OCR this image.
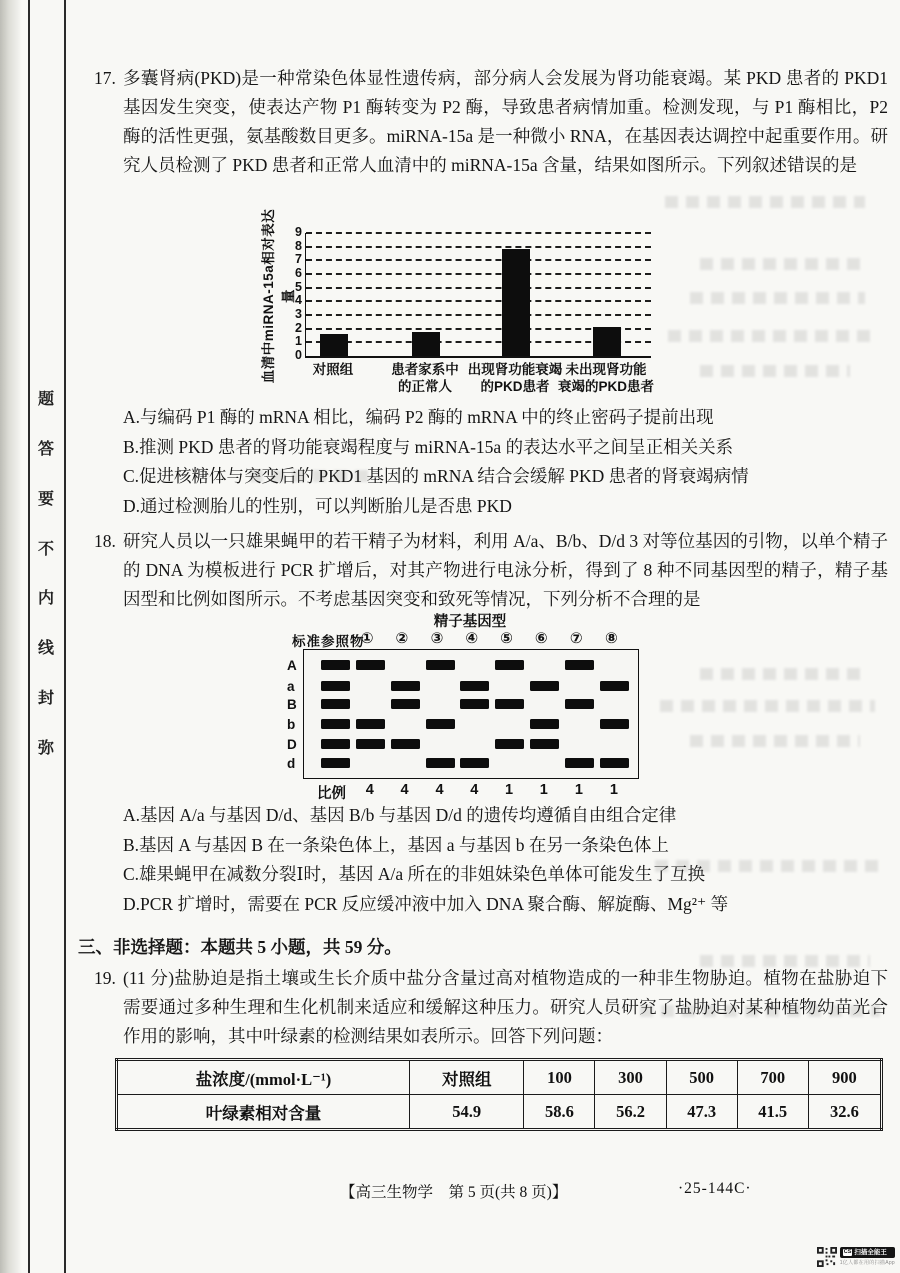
题
答
要
不
内
线
封
弥
17. 多囊肾病(PKD)是一种常染色体显性遗传病，部分病人会发展为肾功能衰竭。某 PKD 患者的 PKD1 基因发生突变，使表达产物 P1 酶转变为 P2 酶，导致患者病情加重。检测发现，与 P1 酶相比，P2 酶的活性更强，氨基酸数目更多。miRNA-15a 是一种微小 RNA，在基因表达调控中起重要作用。研究人员检测了 PKD 患者和正常人血清中的 miRNA-15a 含量，结果如图所示。下列叙述错误的是
血清中miRNA-15a相对表达量
0
1
2
3
4
5
6
7
8
9
对照组	患者家系中
的正常人
出现肾功能衰竭
的PKD患者
未出现肾功能
衰竭的PKD患者
A.与编码 P1 酶的 mRNA 相比，编码 P2 酶的 mRNA 中的终止密码子提前出现
B.推测 PKD 患者的肾功能衰竭程度与 miRNA-15a 的表达水平之间呈正相关关系
C.促进核糖体与突变后的 PKD1 基因的 mRNA 结合会缓解 PKD 患者的肾衰竭病情
D.通过检测胎儿的性别，可以判断胎儿是否患 PKD
18. 研究人员以一只雄果蝇甲的若干精子为材料，利用 A/a、B/b、D/d 3 对等位基因的引物，以单个精子的 DNA 为模板进行 PCR 扩增后，对其产物进行电泳分析，得到了 8 种不同基因型的精子，精子基因型和比例如图所示。不考虑基因突变和致死等情况，下列分析不合理的是
精子基因型
标准参照物
① ② ③ ④ ⑤ ⑥ ⑦ ⑧
A
a
B
b
D
d
比例	4	4	4	4	1	1	1	1
A.基因 A/a 与基因 D/d、基因 B/b 与基因 D/d 的遗传均遵循自由组合定律
B.基因 A 与基因 B 在一条染色体上，基因 a 与基因 b 在另一条染色体上
C.雄果蝇甲在减数分裂Ⅰ时，基因 A/a 所在的非姐妹染色单体可能发生了互换
D.PCR 扩增时，需要在 PCR 反应缓冲液中加入 DNA 聚合酶、解旋酶、Mg²⁺ 等
三、非选择题：本题共 5 小题，共 59 分。
19. (11 分)盐胁迫是指土壤或生长介质中盐分含量过高对植物造成的一种非生物胁迫。植物在盐胁迫下需要通过多种生理和生化机制来适应和缓解这种压力。研究人员研究了盐胁迫对某种植物幼苗光合作用的影响，其中叶绿素的检测结果如表所示。回答下列问题：
盐浓度/(mmol·L⁻¹)	对照组	100	300	500	700	900
叶绿素相对含量	54.9	58.6	56.2	47.3	41.5	32.6
【高三生物学　第 5 页(共 8 页)】	·25-144C·
CS 扫描全能王
1亿人都在用的扫描App
